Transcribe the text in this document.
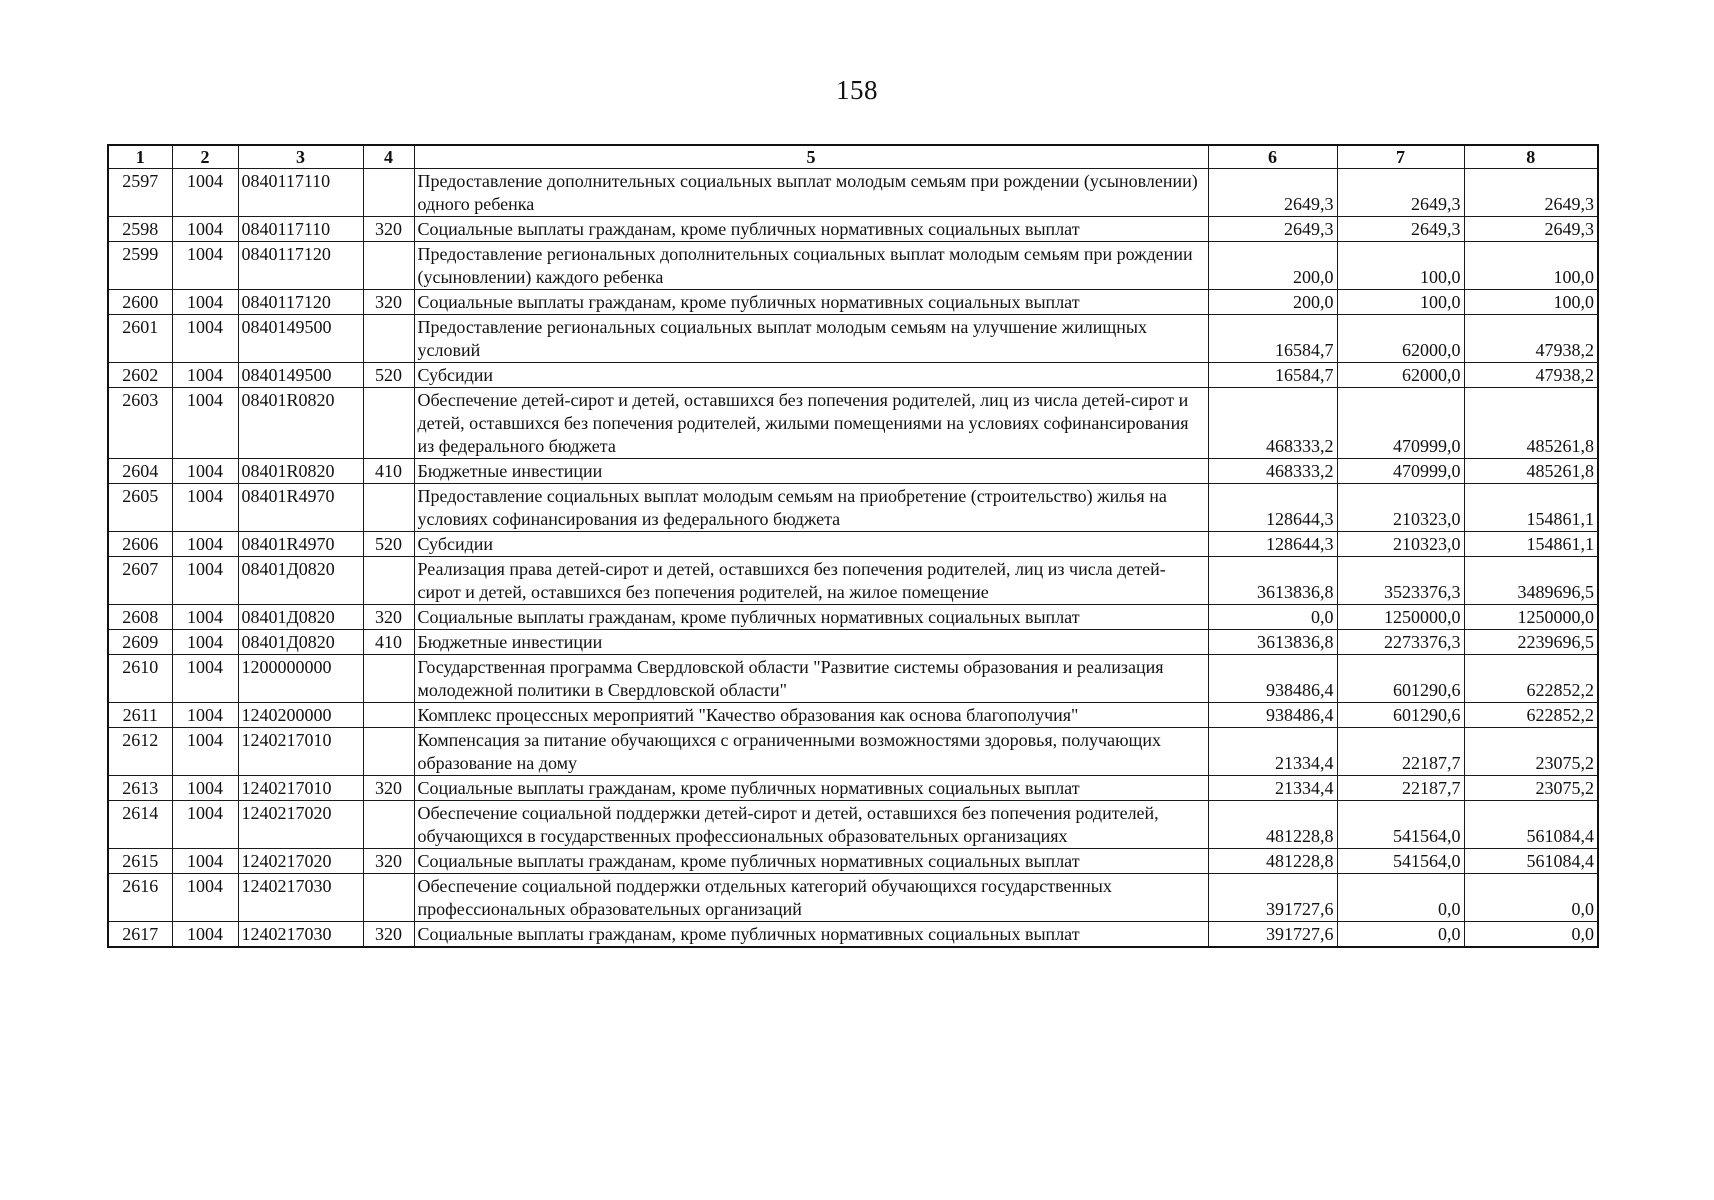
158
1	2	3	4	5	6	7	8
2597	1004	0840117110		Предоставление дополнительных социальных выплат молодым семьям при рождении (усыновлении) одного ребенка	2649,3	2649,3	2649,3
2598	1004	0840117110	320	Социальные выплаты гражданам, кроме публичных нормативных социальных выплат	2649,3	2649,3	2649,3
2599	1004	0840117120		Предоставление региональных дополнительных социальных выплат молодым семьям при рождении (усыновлении) каждого ребенка	200,0	100,0	100,0
2600	1004	0840117120	320	Социальные выплаты гражданам, кроме публичных нормативных социальных выплат	200,0	100,0	100,0
2601	1004	0840149500		Предоставление региональных социальных выплат молодым семьям на улучшение жилищных условий	16584,7	62000,0	47938,2
2602	1004	0840149500	520	Субсидии	16584,7	62000,0	47938,2
2603	1004	08401R0820		Обеспечение детей-сирот и детей, оставшихся без попечения родителей, лиц из числа детей-сирот и детей, оставшихся без попечения родителей, жилыми помещениями на условиях софинансирования из федерального бюджета	468333,2	470999,0	485261,8
2604	1004	08401R0820	410	Бюджетные инвестиции	468333,2	470999,0	485261,8
2605	1004	08401R4970		Предоставление социальных выплат молодым семьям на приобретение (строительство) жилья на условиях софинансирования из федерального бюджета	128644,3	210323,0	154861,1
2606	1004	08401R4970	520	Субсидии	128644,3	210323,0	154861,1
2607	1004	08401Д0820		Реализация права детей-сирот и детей, оставшихся без попечения родителей, лиц из числа детей-сирот и детей, оставшихся без попечения родителей, на жилое помещение	3613836,8	3523376,3	3489696,5
2608	1004	08401Д0820	320	Социальные выплаты гражданам, кроме публичных нормативных социальных выплат	0,0	1250000,0	1250000,0
2609	1004	08401Д0820	410	Бюджетные инвестиции	3613836,8	2273376,3	2239696,5
2610	1004	1200000000		Государственная программа Свердловской области "Развитие системы образования и реализация молодежной политики в Свердловской области"	938486,4	601290,6	622852,2
2611	1004	1240200000		Комплекс процессных мероприятий "Качество образования как основа благополучия"	938486,4	601290,6	622852,2
2612	1004	1240217010		Компенсация за питание обучающихся с ограниченными возможностями здоровья, получающих образование на дому	21334,4	22187,7	23075,2
2613	1004	1240217010	320	Социальные выплаты гражданам, кроме публичных нормативных социальных выплат	21334,4	22187,7	23075,2
2614	1004	1240217020		Обеспечение социальной поддержки детей-сирот и детей, оставшихся без попечения родителей, обучающихся в государственных профессиональных образовательных организациях	481228,8	541564,0	561084,4
2615	1004	1240217020	320	Социальные выплаты гражданам, кроме публичных нормативных социальных выплат	481228,8	541564,0	561084,4
2616	1004	1240217030		Обеспечение социальной поддержки отдельных категорий обучающихся государственных профессиональных образовательных организаций	391727,6	0,0	0,0
2617	1004	1240217030	320	Социальные выплаты гражданам, кроме публичных нормативных социальных выплат	391727,6	0,0	0,0
